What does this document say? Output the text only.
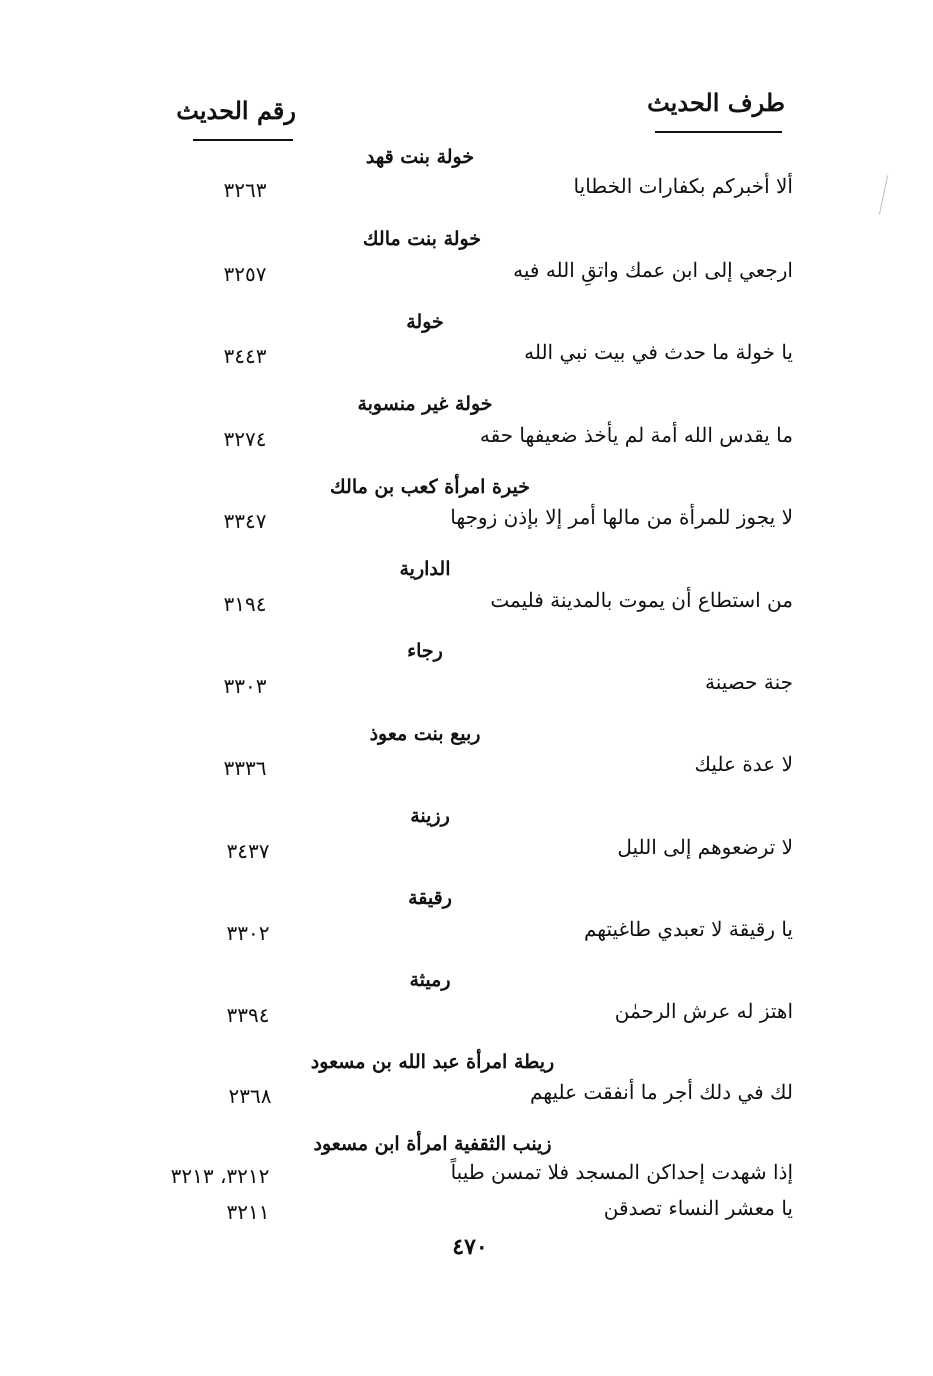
طرف الحديث
رقم الحديث
خولة بنت قهد
ألا أخبركم بكفارات الخطايا
٣٢٦٣
خولة بنت مالك
ارجعي إلى ابن عمك واتقِ الله فيه
٣٢٥٧
خولة
يا خولة ما حدث في بيت نبي الله
٣٤٤٣
خولة غير منسوبة
ما يقدس الله أمة لم يأخذ ضعيفها حقه
٣٢٧٤
خيرة امرأة كعب بن مالك
لا يجوز للمرأة من مالها أمر إلا بإذن زوجها
٣٣٤٧
الدارية
من استطاع أن يموت بالمدينة فليمت
٣١٩٤
رجاء
جنة حصينة
٣٣٠٣
ربيع بنت معوذ
لا عدة عليك
٣٣٣٦
رزينة
لا ترضعوهم إلى الليل
٣٤٣٧
رقيقة
يا رقيقة لا تعبدي طاغيتهم
٣٣٠٢
رميثة
اهتز له عرش الرحمٰن
٣٣٩٤
ريطة امرأة عبد الله بن مسعود
لك في دلك أجر ما أنفقت عليهم
٢٣٦٨
زينب الثقفية امرأة ابن مسعود
إذا شهدت إحداكن المسجد فلا تمسن طيباً
٣٢١٢، ٣٢١٣
يا معشر النساء تصدقن
٣٢١١
٤٧٠
